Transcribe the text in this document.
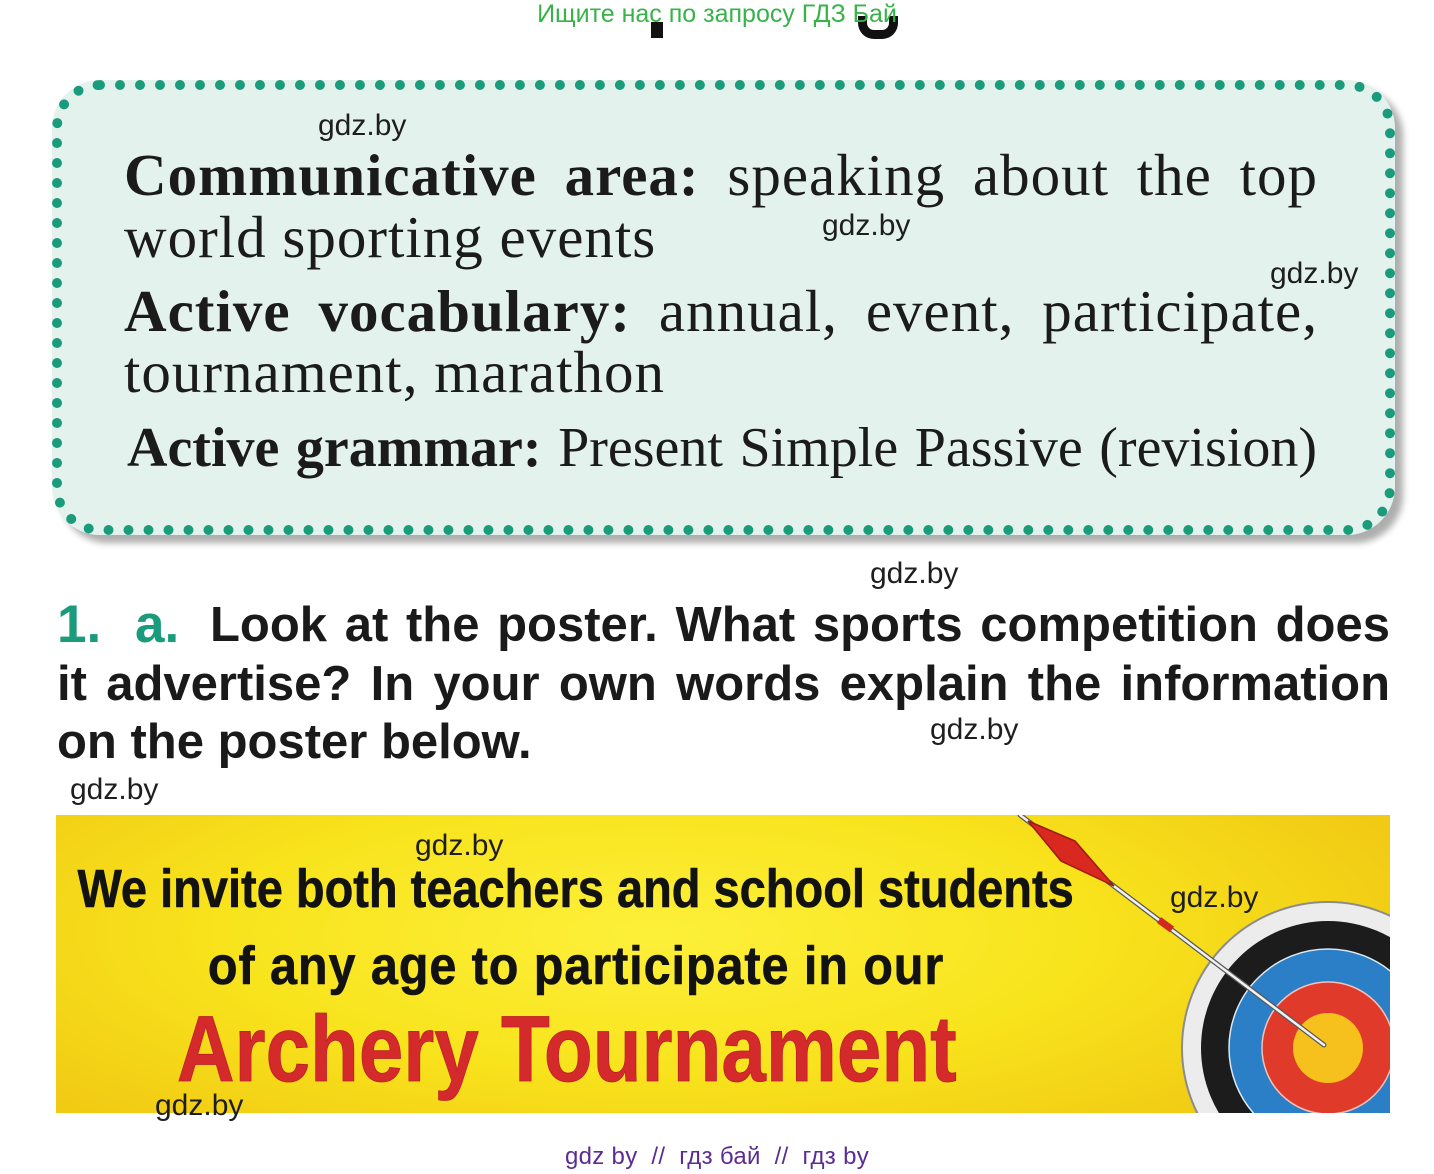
Ищите нас по запросу ГДЗ Бай
Communicative area: speaking about the top
world sporting events
Active vocabulary: annual, event, participate,
tournament, marathon
Active grammar: Present Simple Passive (revision)
1. a. Look at the poster. What sports competition does
it advertise? In your own words explain the information
on the poster below.
We invite both teachers and school students
of any age to participate in our
Archery Tournament
gdz.by
gdz.by
gdz.by
gdz.by
gdz.by
gdz.by
gdz.by
gdz.by
gdz.by
gdz by  //  гдз бай  //  гдз by
